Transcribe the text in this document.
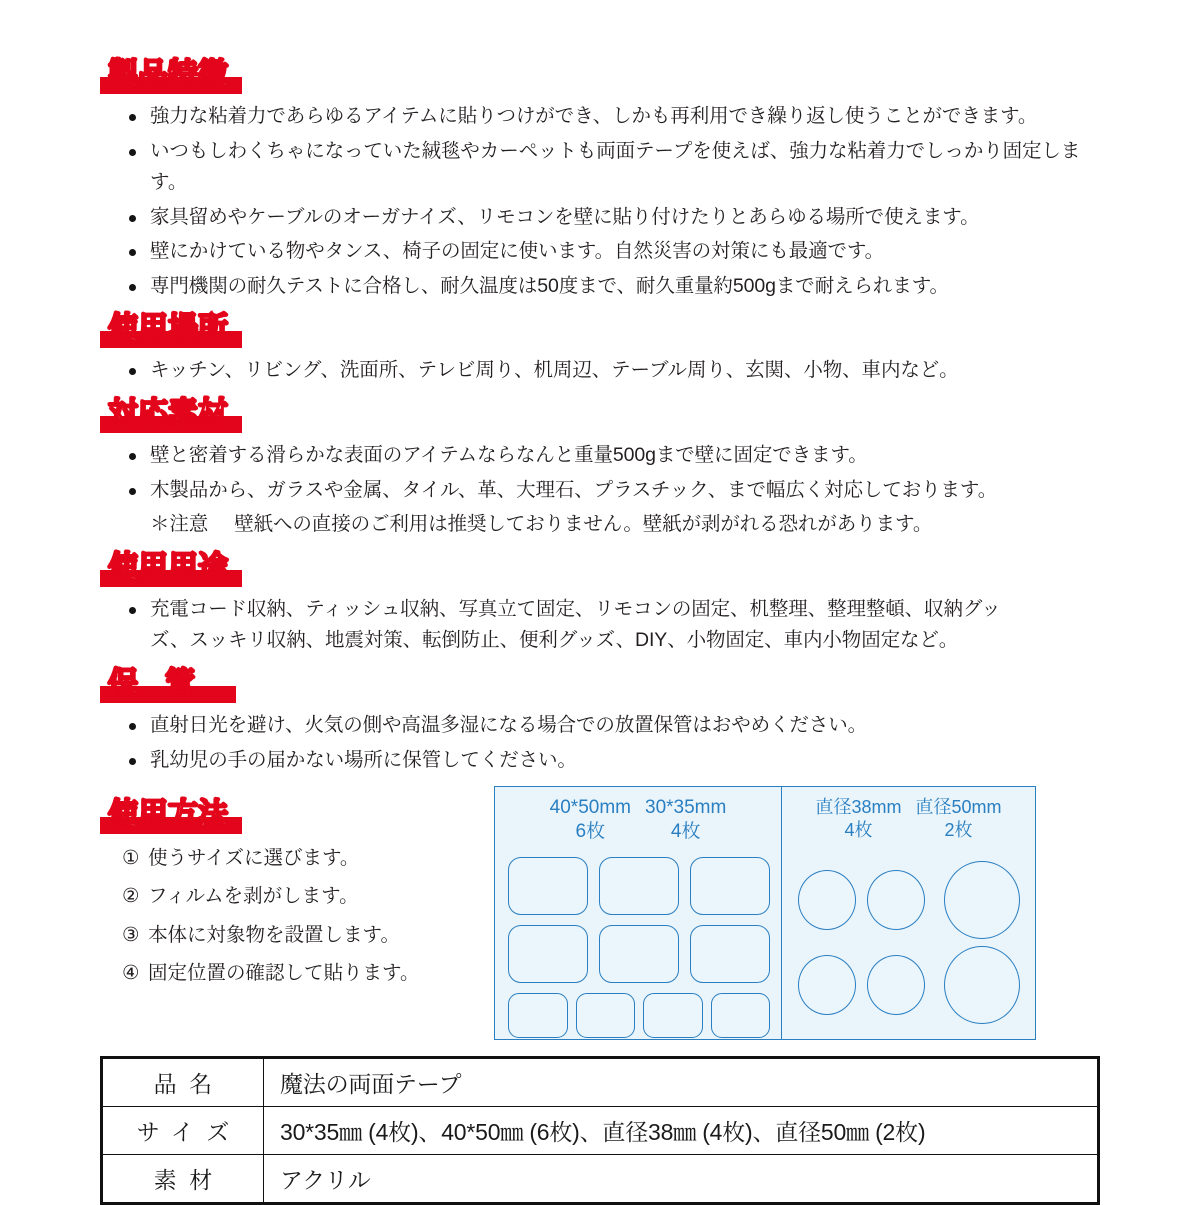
製品特徴
強力な粘着力であらゆるアイテムに貼りつけができ、しかも再利用でき繰り返し使うことができます。
いつもしわくちゃになっていた絨毯やカーペットも両面テープを使えば、強力な粘着力でしっかり固定します。
家具留めやケーブルのオーガナイズ、リモコンを壁に貼り付けたりとあらゆる場所で使えます。
壁にかけている物やタンス、椅子の固定に使います。自然災害の対策にも最適です。
専門機関の耐久テストに合格し、耐久温度は50度まで、耐久重量約500gまで耐えられます。
使用場所
キッチン、リビング、洗面所、テレビ周り、机周辺、テーブル周り、玄関、小物、車内など。
対応素材
壁と密着する滑らかな表面のアイテムならなんと重量500gまで壁に固定できます。
木製品から、ガラスや金属、タイル、革、大理石、プラスチック、まで幅広く対応しております。
＊注意 壁紙への直接のご利用は推奨しておりません。壁紙が剥がれる恐れがあります。
使用用途
充電コード収納、ティッシュ収納、写真立て固定、リモコンの固定、机整理、整理整頓、収納グッズ、スッキリ収納、地震対策、転倒防止、便利グッズ、DIY、小物固定、車内小物固定など。
保管
直射日光を避け、火気の側や高温多湿になる場合での放置保管はおやめください。
乳幼児の手の届かない場所に保管してください。
使用方法
① 使うサイズに選びます。
② フィルムを剥がします。
③ 本体に対象物を設置します。
④ 固定位置の確認して貼ります。
40*50mm
6枚
30*35mm
4枚
直径38mm
4枚
直径50mm
2枚
品名	魔法の両面テープ
サイズ	30*35㎜ (4枚)、40*50㎜ (6枚)、直径38㎜ (4枚)、直径50㎜ (2枚)
素材	アクリル
